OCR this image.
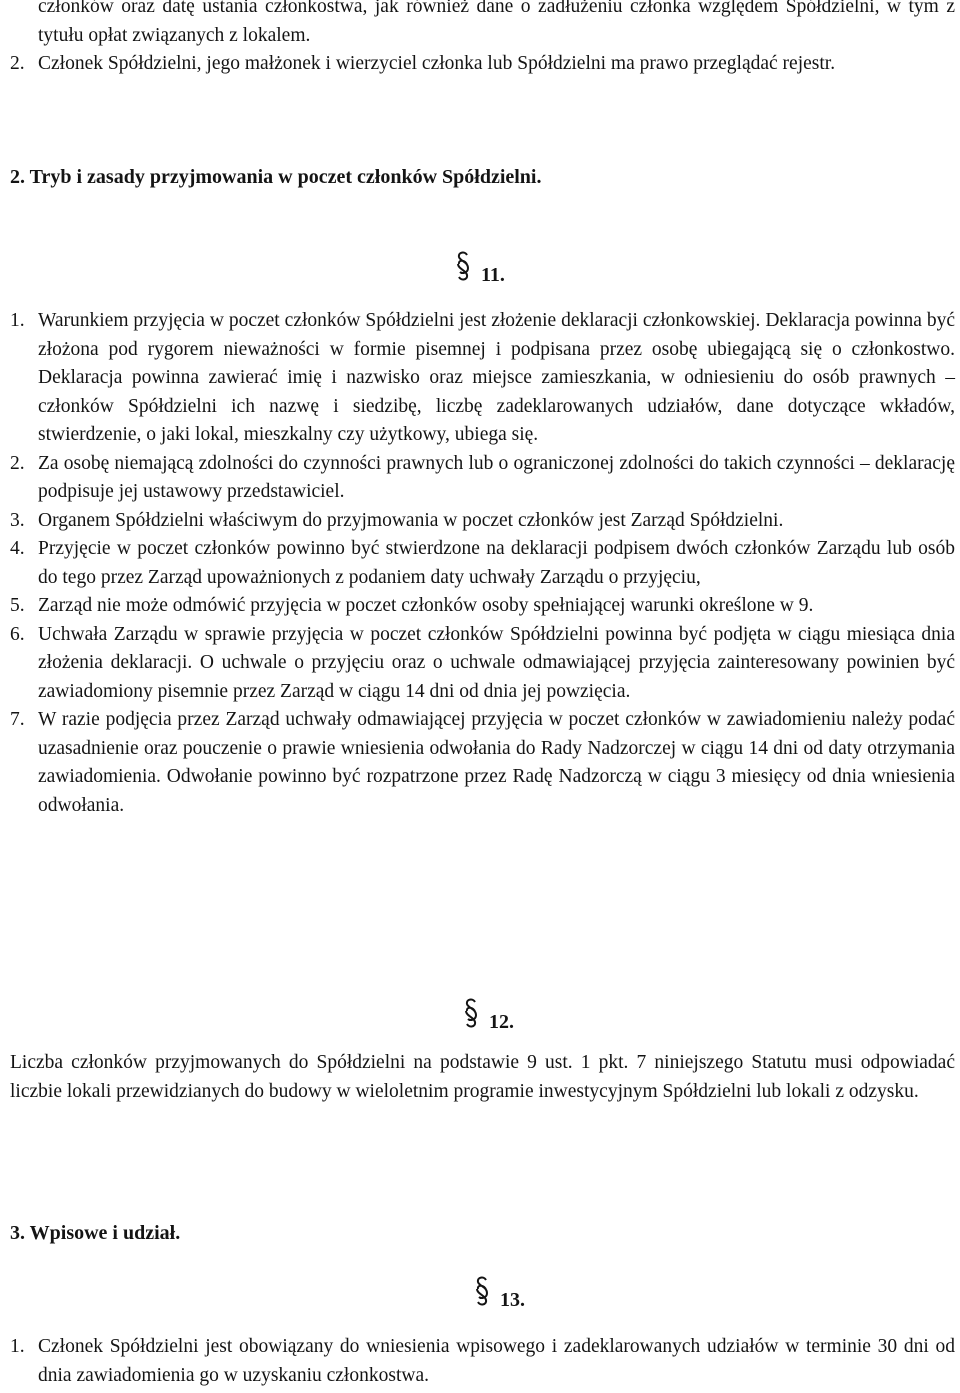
członków oraz datę ustania członkostwa, jak również dane o zadłużeniu członka względem Spółdzielni, w tym z tytułu opłat związanych z lokalem.
2. Członek Spółdzielni, jego małżonek i wierzyciel członka lub Spółdzielni ma prawo przeglądać rejestr.
2. Tryb i zasady przyjmowania w poczet członków Spółdzielni.
11.
1. Warunkiem przyjęcia w poczet członków Spółdzielni jest złożenie deklaracji członkowskiej. Deklaracja powinna być złożona pod rygorem nieważności w formie pisemnej i podpisana przez osobę ubiegającą się o członkostwo. Deklaracja powinna zawierać imię i nazwisko oraz miejsce zamieszkania, w odniesieniu do osób prawnych – członków Spółdzielni ich nazwę i siedzibę, liczbę zadeklarowanych udziałów, dane dotyczące wkładów, stwierdzenie, o jaki lokal, mieszkalny czy użytkowy, ubiega się.
2. Za osobę niemającą zdolności do czynności prawnych lub o ograniczonej zdolności do takich czynności – deklarację podpisuje jej ustawowy przedstawiciel.
3. Organem Spółdzielni właściwym do przyjmowania w poczet członków jest Zarząd Spółdzielni.
4. Przyjęcie w poczet członków powinno być stwierdzone na deklaracji podpisem dwóch członków Zarządu lub osób do tego przez Zarząd upoważnionych z podaniem daty uchwały Zarządu o przyjęciu,
5. Zarząd nie może odmówić przyjęcia w poczet członków osoby spełniającej warunki określone w 9.
6. Uchwała Zarządu w sprawie przyjęcia w poczet członków Spółdzielni powinna być podjęta w ciągu miesiąca dnia złożenia deklaracji. O uchwale o przyjęciu oraz o uchwale odmawiającej przyjęcia zainteresowany powinien być zawiadomiony pisemnie przez Zarząd w ciągu 14 dni od dnia jej powzięcia.
7. W razie podjęcia przez Zarząd uchwały odmawiającej przyjęcia w poczet członków w zawiadomieniu należy podać uzasadnienie oraz pouczenie o prawie wniesienia odwołania do Rady Nadzorczej w ciągu 14 dni od daty otrzymania zawiadomienia. Odwołanie powinno być rozpatrzone przez Radę Nadzorczą w ciągu 3 miesięcy od dnia wniesienia odwołania.
12.
Liczba członków przyjmowanych do Spółdzielni na podstawie 9 ust. 1 pkt. 7 niniejszego Statutu musi odpowiadać liczbie lokali przewidzianych do budowy w wieloletnim programie inwestycyjnym Spółdzielni lub lokali z odzysku.
3. Wpisowe i udział.
13.
1. Członek Spółdzielni jest obowiązany do wniesienia wpisowego i zadeklarowanych udziałów w terminie 30 dni od dnia zawiadomienia go w uzyskaniu członkostwa.
